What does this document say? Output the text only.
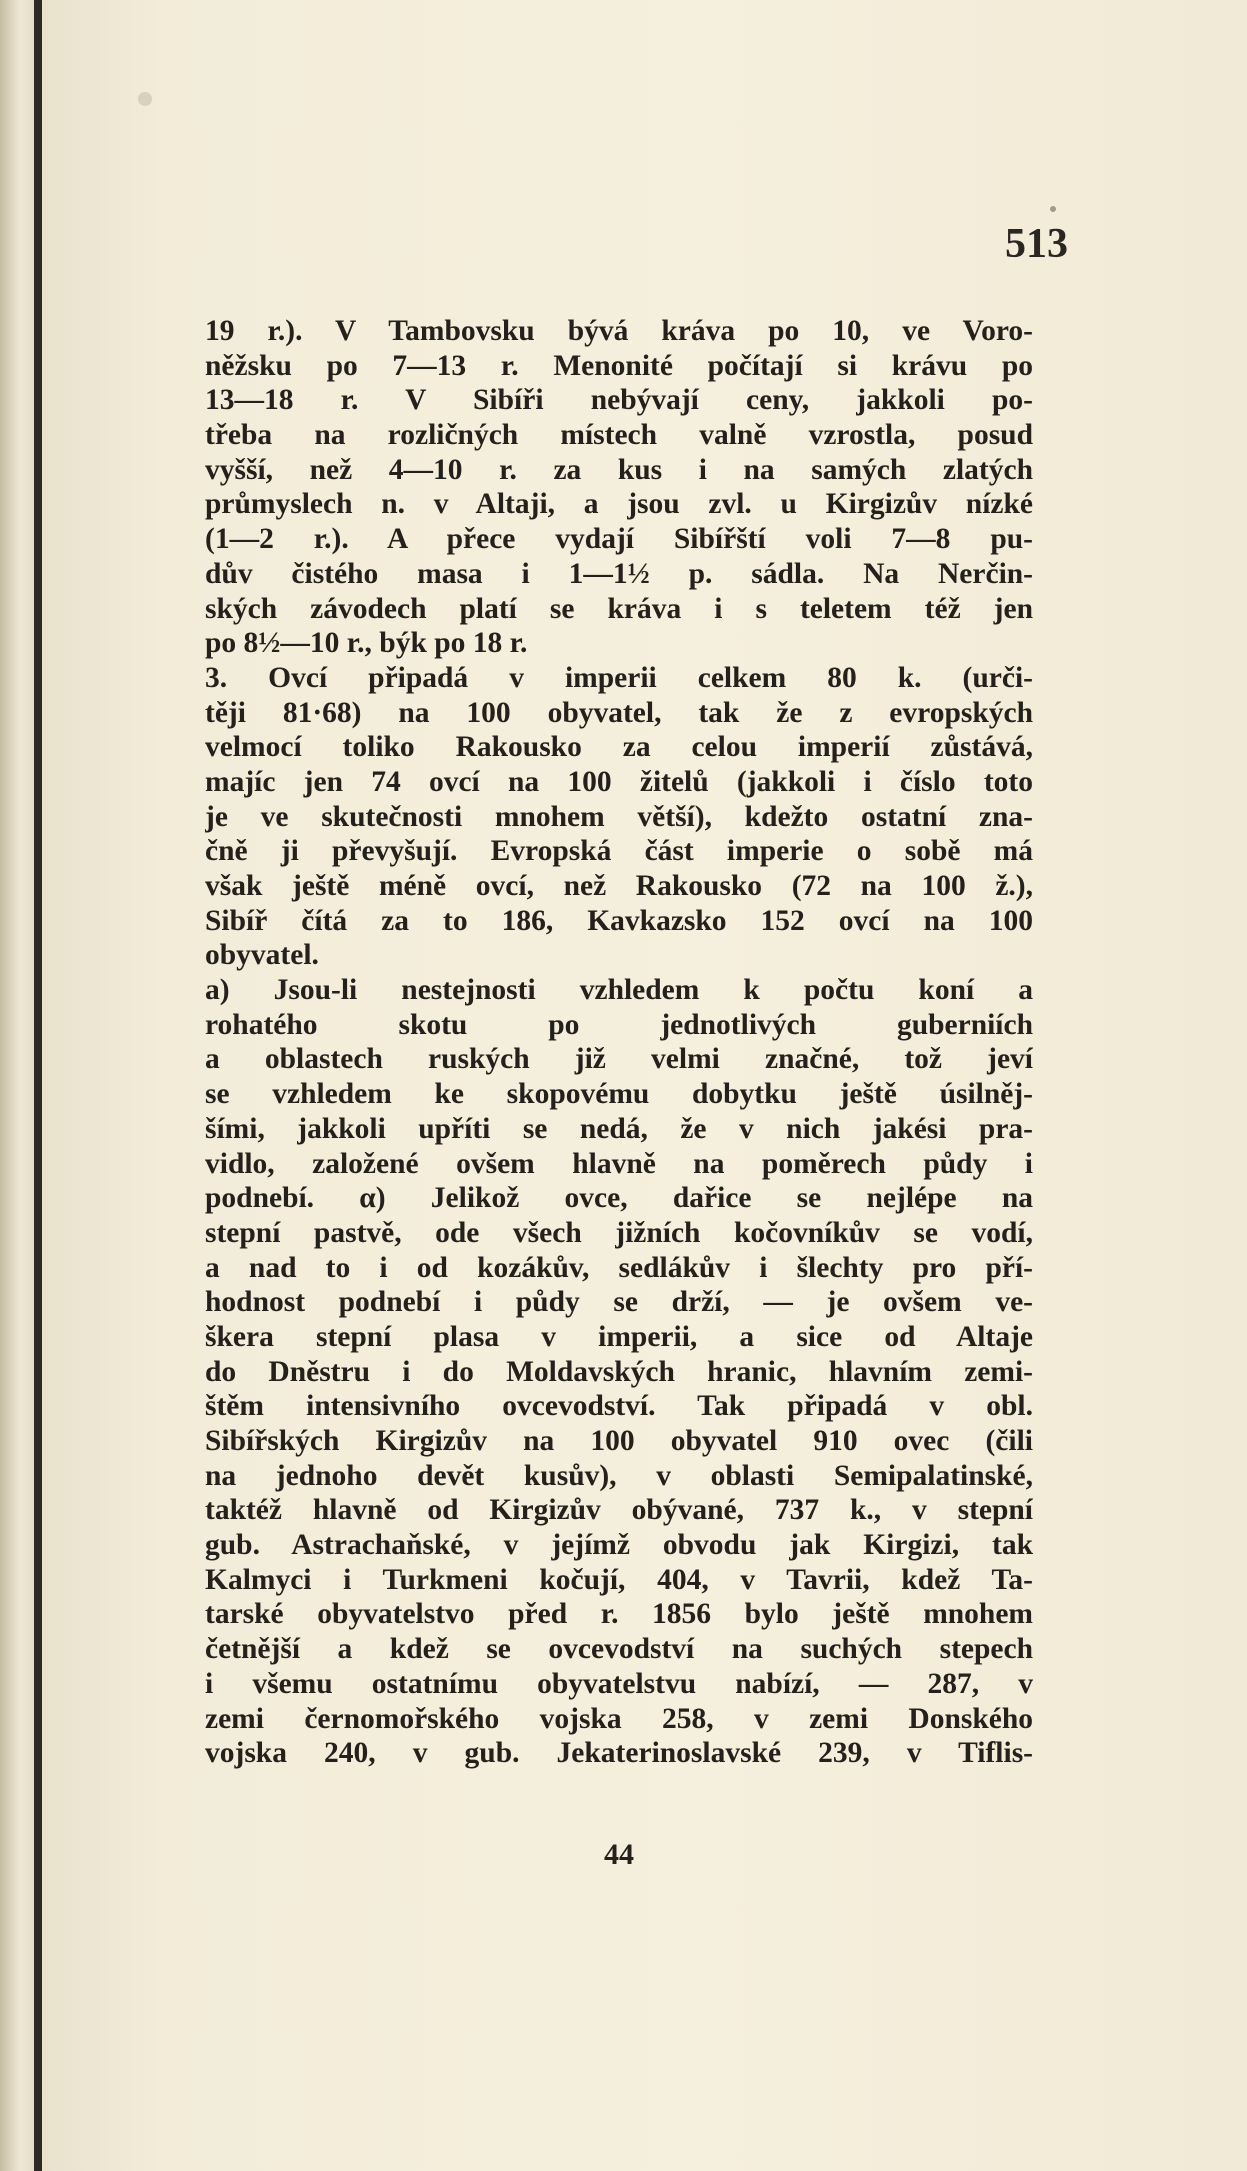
513
19 r.). V Tambovsku bývá kráva po 10, ve Voro-
něžsku po 7—13 r. Menonité počítají si krávu po
13—18 r. V Sibíři nebývají ceny, jakkoli po-
třeba na rozličných místech valně vzrostla, posud
vyšší, než 4—10 r. za kus i na samých zlatých
průmyslech n. v Altaji, a jsou zvl. u Kirgizův nízké
(1—2 r.). A přece vydají Sibířští voli 7—8 pu-
dův čistého masa i 1—1½ p. sádla. Na Nerčin-
ských závodech platí se kráva i s teletem též jen
po 8½—10 r., býk po 18 r.
3. Ovcí připadá v imperii celkem 80 k. (urči-
těji 81·68) na 100 obyvatel, tak že z evropských
velmocí toliko Rakousko za celou imperií zůstává,
majíc jen 74 ovcí na 100 žitelů (jakkoli i číslo toto
je ve skutečnosti mnohem větší), kdežto ostatní zna-
čně ji převyšují. Evropská část imperie o sobě má
však ještě méně ovcí, než Rakousko (72 na 100 ž.),
Sibíř čítá za to 186, Kavkazsko 152 ovcí na 100
obyvatel.
a) Jsou-li nestejnosti vzhledem k počtu koní a
rohatého skotu po jednotlivých guberniích
a oblastech ruských již velmi značné, tož jeví
se vzhledem ke skopovému dobytku ještě úsilněj-
šími, jakkoli upříti se nedá, že v nich jakési pra-
vidlo, založené ovšem hlavně na poměrech půdy i
podnebí. α) Jelikož ovce, dařice se nejlépe na
stepní pastvě, ode všech jižních kočovníkův se vodí,
a nad to i od kozákův, sedlákův i šlechty pro pří-
hodnost podnebí i půdy se drží, — je ovšem ve-
škera stepní plasa v imperii, a sice od Altaje
do Dněstru i do Moldavských hranic, hlavním zemi-
štěm intensivního ovcevodství. Tak připadá v obl.
Sibířských Kirgizův na 100 obyvatel 910 ovec (čili
na jednoho devět kusův), v oblasti Semipalatinské,
taktéž hlavně od Kirgizův obývané, 737 k., v stepní
gub. Astrachaňské, v jejímž obvodu jak Kirgizi, tak
Kalmyci i Turkmeni kočují, 404, v Tavrii, kdež Ta-
tarské obyvatelstvo před r. 1856 bylo ještě mnohem
četnější a kdež se ovcevodství na suchých stepech
i všemu ostatnímu obyvatelstvu nabízí, — 287, v
zemi černomořského vojska 258, v zemi Donského
vojska 240, v gub. Jekaterinoslavské 239, v Tiflis-
44
